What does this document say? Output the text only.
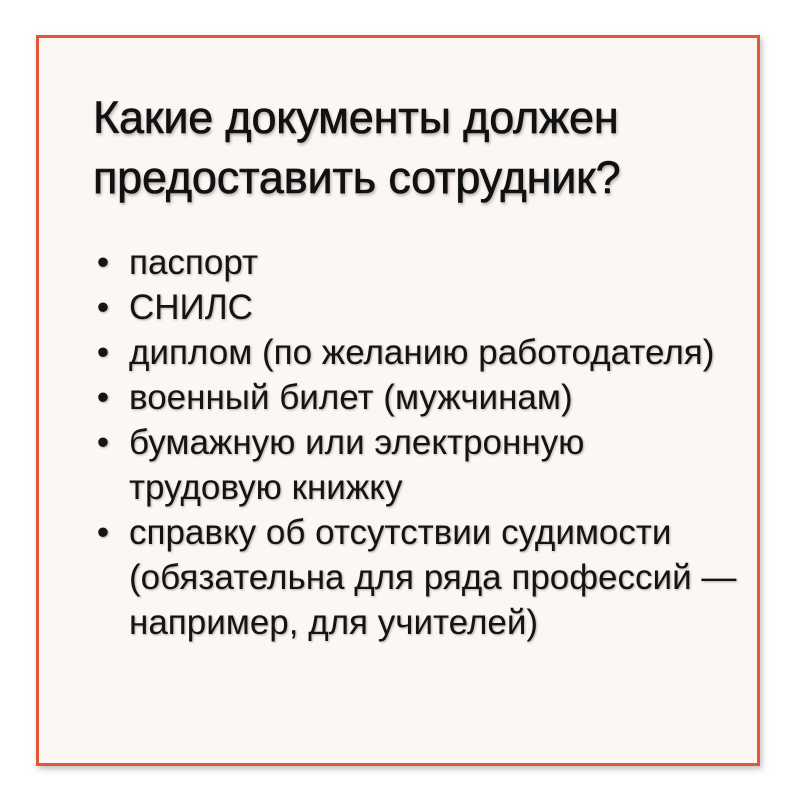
Какие документы должен предоставить сотрудник?
• паспорт
• СНИЛС
• диплом (по желанию работодателя)
• военный билет (мужчинам)
• бумажную или электронную трудовую книжку
• справку об отсутствии судимости (обязательна для ряда профессий — например, для учителей)
